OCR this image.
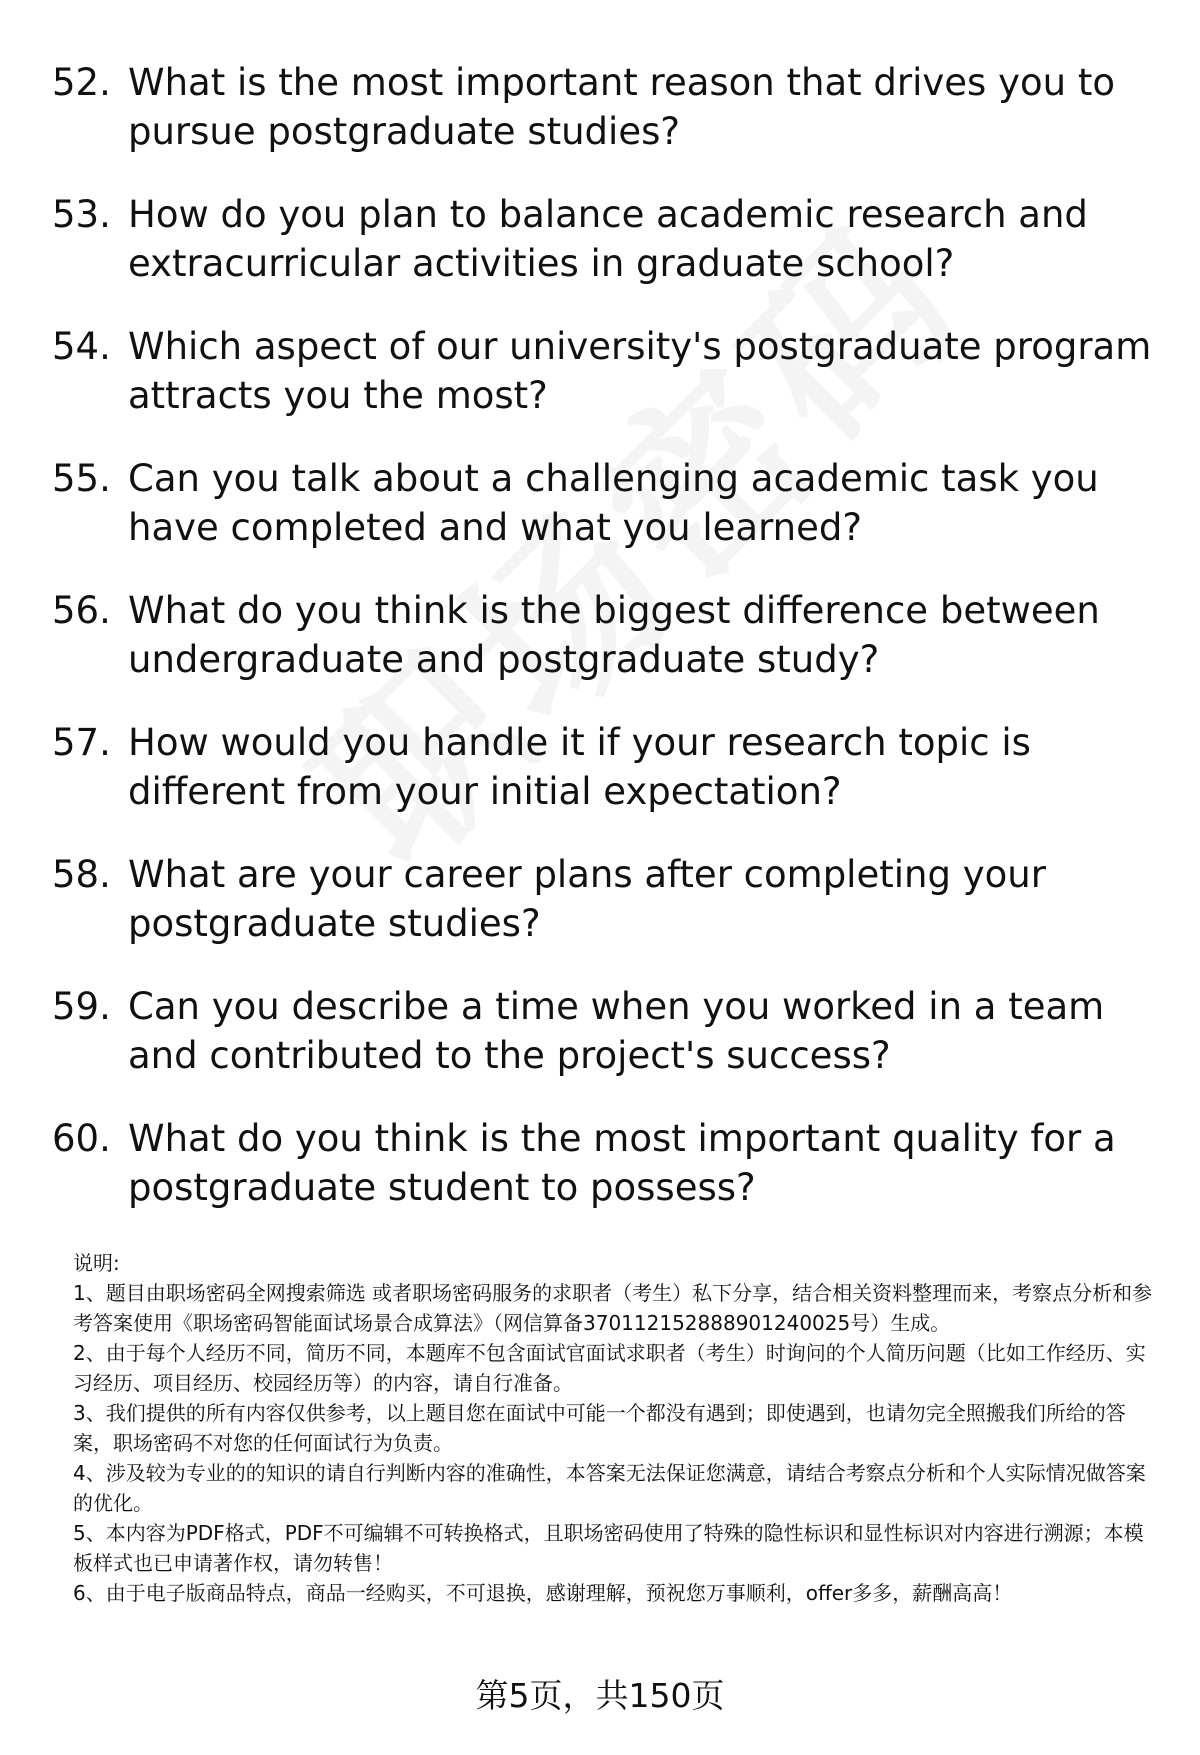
52. What is the most important reason that drives you to pursue postgraduate studies?
53. How do you plan to balance academic research and extracurricular activities in graduate school?
54. Which aspect of our university's postgraduate program attracts you the most?
55. Can you talk about a challenging academic task you have completed and what you learned?
56. What do you think is the biggest difference between undergraduate and postgraduate study?
57. How would you handle it if your research topic is different from your initial expectation?
58. What are your career plans after completing your postgraduate studies?
59. Can you describe a time when you worked in a team and contributed to the project's success?
60. What do you think is the most important quality for a postgraduate student to possess?
说明:
1、题目由职场密码全网搜索筛选 或者职场密码服务的求职者（考生）私下分享，结合相关资料整理而来，考察点分析和参考答案使用《职场密码智能面试场景合成算法》（网信算备370112152888901240025号）生成。
2、由于每个人经历不同，简历不同，本题库不包含面试官面试求职者（考生）时询问的个人简历问题（比如工作经历、实习经历、项目经历、校园经历等）的内容，请自行准备。
3、我们提供的所有内容仅供参考，以上题目您在面试中可能一个都没有遇到；即使遇到，也请勿完全照搬我们所给的答案，职场密码不对您的任何面试行为负责。
4、涉及较为专业的的知识的请自行判断内容的准确性，本答案无法保证您满意，请结合考察点分析和个人实际情况做答案的优化。
5、本内容为PDF格式，PDF不可编辑不可转换格式，且职场密码使用了特殊的隐性标识和显性标识对内容进行溯源；本模板样式也已申请著作权，请勿转售！
6、由于电子版商品特点，商品一经购买，不可退换，感谢理解，预祝您万事顺利，offer多多，薪酬高高！
第5页，共150页
